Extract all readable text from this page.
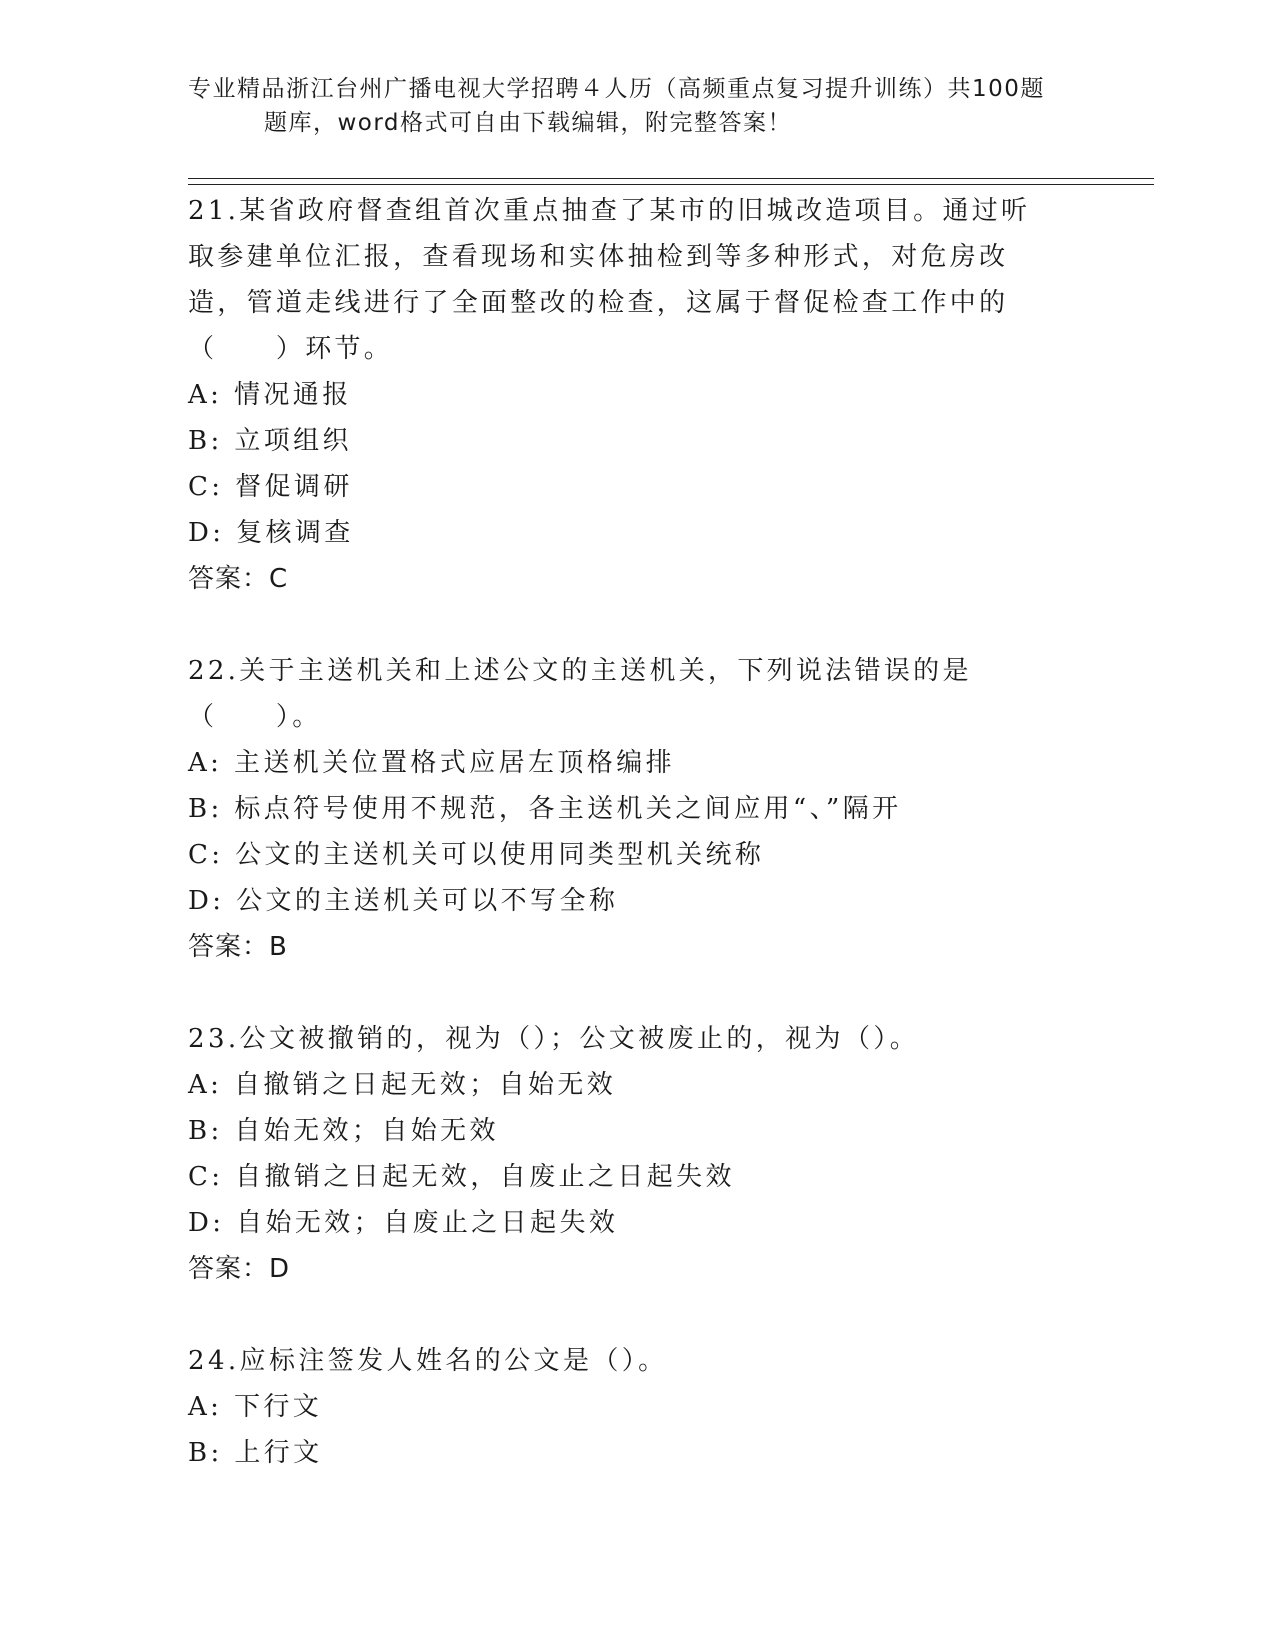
专业精品浙江台州广播电视大学招聘４人历（高频重点复习提升训练）共100题
题库，word格式可自由下载编辑，附完整答案！

21.某省政府督查组首次重点抽查了某市的旧城改造项目。通过听取参建单位汇报，查看现场和实体抽检到等多种形式，对危房改造，管道走线进行了全面整改的检查，这属于督促检查工作中的（　　）环节。

A: 情况通报

B: 立项组织

C: 督促调研

D: 复核调查

答案：C

22.关于主送机关和上述公文的主送机关，下列说法错误的是（　　）。

A: 主送机关位置格式应居左顶格编排

B: 标点符号使用不规范，各主送机关之间应用“、”隔开

C: 公文的主送机关可以使用同类型机关统称

D: 公文的主送机关可以不写全称

答案：B

23.公文被撤销的，视为（）；公文被废止的，视为（）。

A: 自撤销之日起无效；自始无效

B: 自始无效；自始无效

C: 自撤销之日起无效，自废止之日起失效

D: 自始无效；自废止之日起失效

答案：D

24.应标注签发人姓名的公文是（）。

A: 下行文

B: 上行文
